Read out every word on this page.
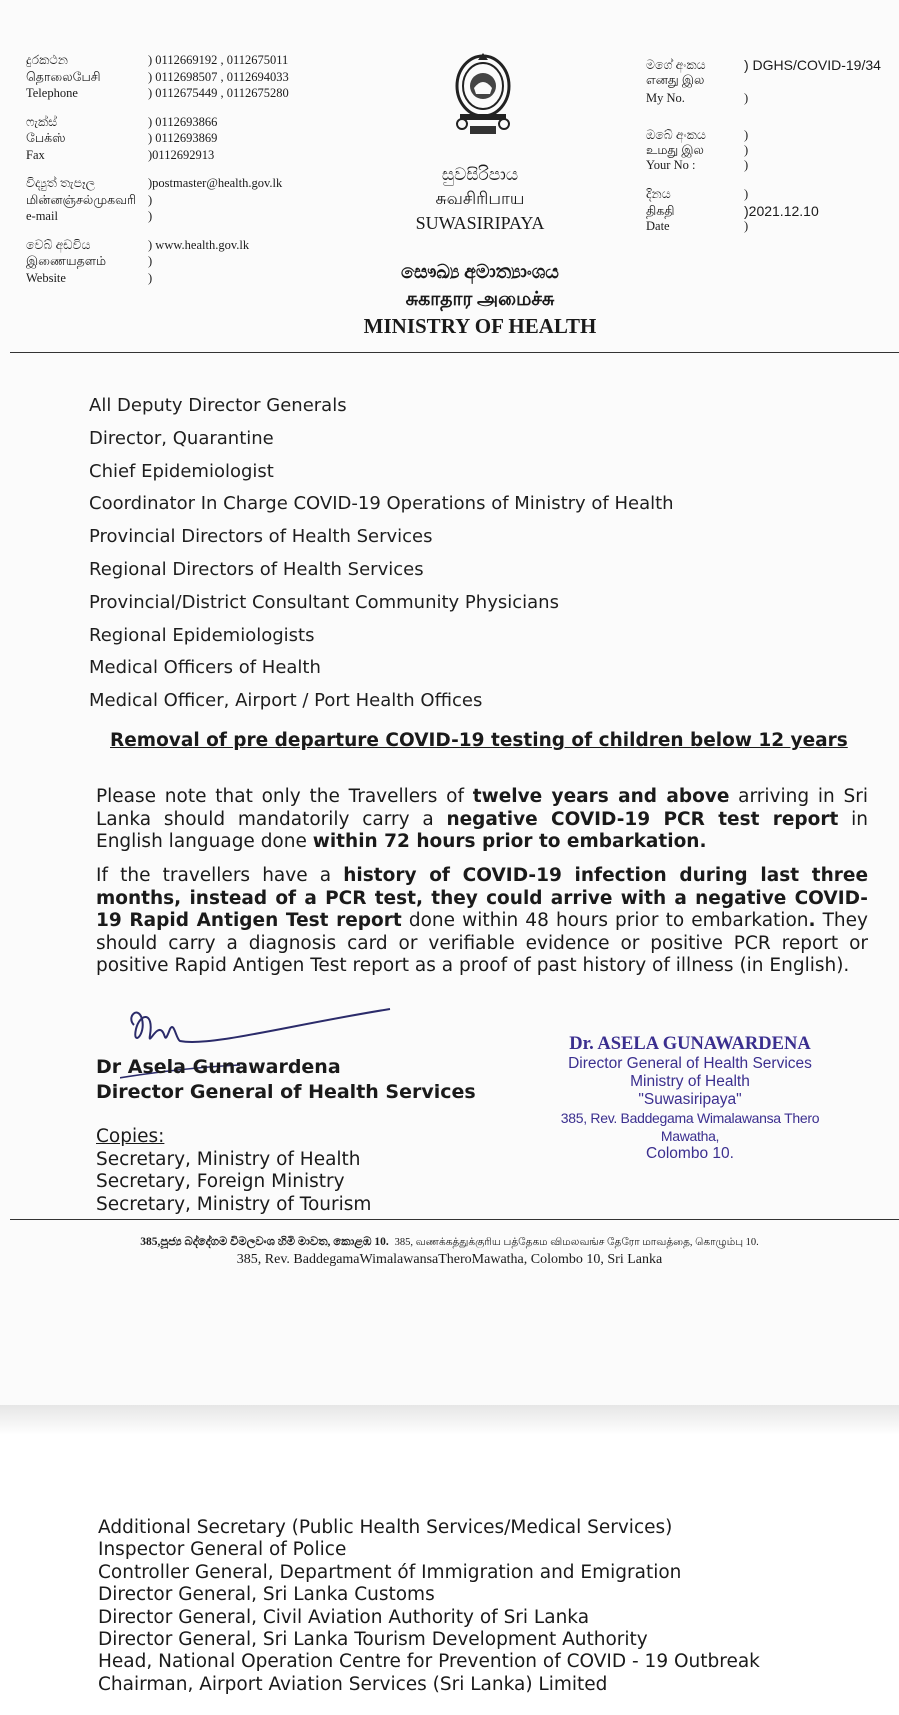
දුරකථන	) 0112669192 , 0112675011
தொலைபேசி	) 0112698507 , 0112694033
Telephone	) 0112675449 , 0112675280
ෆැක්ස්	) 0112693866
பேக்ஸ்	) 0112693869
Fax	)0112692913
විද්‍යුත් තැපෑල	)postmaster@health.gov.lk
மின்னஞ்சல்முகவரி )
e-mail	)
වෙබ් අඩවිය	) www.health.gov.lk
இணையதளம்	)
Website	)
සුවසිරිපාය
சுவசிரிபாய
SUWASIRIPAYA
සෞඛ්‍ය අමාත්‍යාංශය
சுகாதார அமைச்சு
MINISTRY OF HEALTH
මගේ අංකය	) DGHS/COVID-19/34
எனது இல
My No.	)
ඔබේ අංකය	)
உமது இல	)
Your No :	)
දිනය	)
திகதி	)2021.12.10
Date	)
All Deputy Director Generals
Director, Quarantine
Chief Epidemiologist
Coordinator In Charge COVID-19 Operations of Ministry of Health
Provincial Directors of Health Services
Regional Directors of Health Services
Provincial/District Consultant Community Physicians
Regional Epidemiologists
Medical Officers of Health
Medical Officer, Airport / Port Health Offices
Removal of pre departure COVID-19 testing of children below 12 years

Please note that only the Travellers of twelve years and above arriving in Sri Lanka should mandatorily carry a negative COVID-19 PCR test report in English language done within 72 hours prior to embarkation.

If the travellers have a history of COVID-19 infection during last three months, instead of a PCR test, they could arrive with a negative COVID-19 Rapid Antigen Test report done within 48 hours prior to embarkation. They should carry a diagnosis card or verifiable evidence or positive PCR report or positive Rapid Antigen Test report as a proof of past history of illness (in English).

Dr Asela Gunawardena
Director General of Health Services
Dr. ASELA GUNAWARDENA
Director General of Health Services
Ministry of Health
"Suwasiripaya"
385, Rev. Baddegama Wimalawansa Thero Mawatha,
Colombo 10.
Copies:
Secretary, Ministry of Health
Secretary, Foreign Ministry
Secretary, Ministry of Tourism
385,පූජ්‍ය බද්දේගම විමලවංශ හිමි මාවත, කොළඹ 10. 385, வணக்கத்துக்குரிய பத்தேகம விமலவங்ச தேரோ மாவத்தை, கொழும்பு 10.
385, Rev. BaddegamaWimalawansaTheroMawatha, Colombo 10, Sri Lanka
Additional Secretary (Public Health Services/Medical Services)
Inspector General of Police
Controller General, Department óf Immigration and Emigration
Director General, Sri Lanka Customs
Director General, Civil Aviation Authority of Sri Lanka
Director General, Sri Lanka Tourism Development Authority
Head, National Operation Centre for Prevention of COVID - 19 Outbreak
Chairman, Airport Aviation Services (Sri Lanka) Limited
